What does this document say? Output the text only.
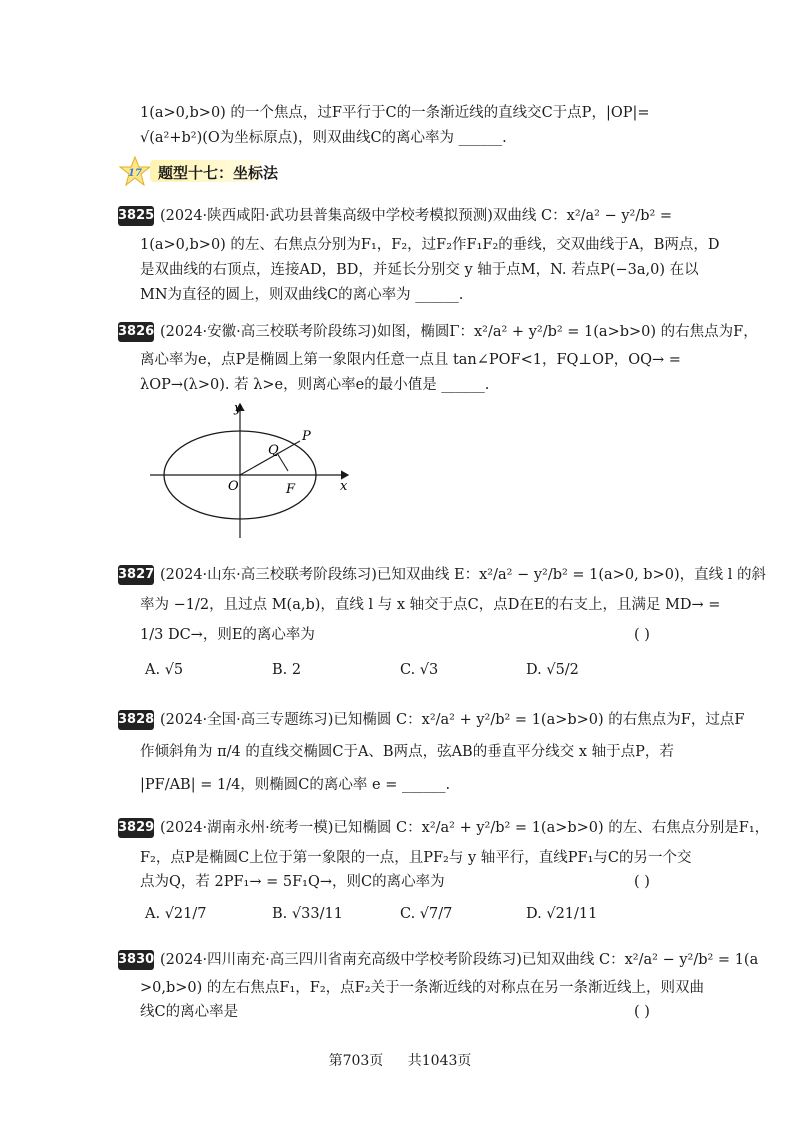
1(a>0,b>0) 的一个焦点，过F平行于C的一条渐近线的直线交C于点P，|OP|=
√(a²+b²)(O为坐标原点)，则双曲线C的离心率为 ______.
17 题型十七：坐标法
3825 (2024·陕西咸阳·武功县普集高级中学校考模拟预测)双曲线 C：x²/a² − y²/b² =
1(a>0,b>0) 的左、右焦点分别为F₁，F₂，过F₂作F₁F₂的垂线，交双曲线于A，B两点，D
是双曲线的右顶点，连接AD，BD，并延长分别交 y 轴于点M，N. 若点P(−3a,0) 在以
MN为直径的圆上，则双曲线C的离心率为 ______.
3826 (2024·安徽·高三校联考阶段练习)如图，椭圆Γ：x²/a² + y²/b² = 1(a>b>0) 的右焦点为F，
离心率为e，点P是椭圆上第一象限内任意一点且 tan∠POF<1，FQ⊥OP，OQ→ =
λOP→(λ>0). 若 λ>e，则离心率e的最小值是 ______.
y
x
O
P
Q
F
3827 (2024·山东·高三校联考阶段练习)已知双曲线 E：x²/a² − y²/b² = 1(a>0, b>0)，直线 l 的斜
率为 −1/2，且过点 M(a,b)，直线 l 与 x 轴交于点C，点D在E的右支上，且满足 MD→ =
1/3 DC→，则E的离心率为	( )
A. √5	B. 2	C. √3	D. √5/2
3828 (2024·全国·高三专题练习)已知椭圆 C：x²/a² + y²/b² = 1(a>b>0) 的右焦点为F，过点F
作倾斜角为 π/4 的直线交椭圆C于A、B两点，弦AB的垂直平分线交 x 轴于点P，若
|PF/AB| = 1/4，则椭圆C的离心率 e = ______.
3829 (2024·湖南永州·统考一模)已知椭圆 C：x²/a² + y²/b² = 1(a>b>0) 的左、右焦点分别是F₁，
F₂，点P是椭圆C上位于第一象限的一点，且PF₂与 y 轴平行，直线PF₁与C的另一个交
点为Q，若 2PF₁→ = 5F₁Q→，则C的离心率为	( )
A. √21/7	B. √33/11	C. √7/7	D. √21/11
3830 (2024·四川南充·高三四川省南充高级中学校考阶段练习)已知双曲线 C：x²/a² − y²/b² = 1(a
>0,b>0) 的左右焦点F₁，F₂，点F₂关于一条渐近线的对称点在另一条渐近线上，则双曲
线C的离心率是	( )
第703页 共1043页
